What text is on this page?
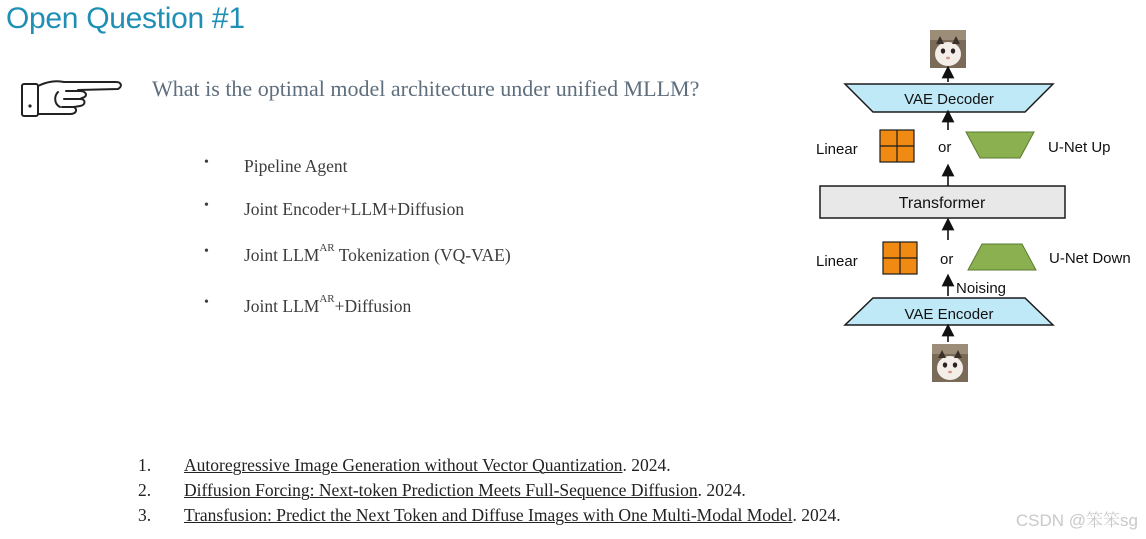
Open Question #1
What is the optimal model architecture under unified MLLM?
• Pipeline Agent
• Joint Encoder+LLM+Diffusion
• Joint $LLM^{AR}$ Tokenization (VQ-VAE)
• Joint $LLM^{AR}+Diffusion$
1. Autoregressive Image Generation without Vector Quantization. 2024.
2. Diffusion Forcing: Next-token Prediction Meets Full-Sequence Diffusion. 2024.
3. Transfusion: Predict the Next Token and Diffuse Images with One Multi-Modal Model. 2024.
VAE Decoder
Linear	or	U-Net Up
Transformer
Linear	or	U-Net Down
Noising
VAE Encoder
CSDN @笨笨sg
